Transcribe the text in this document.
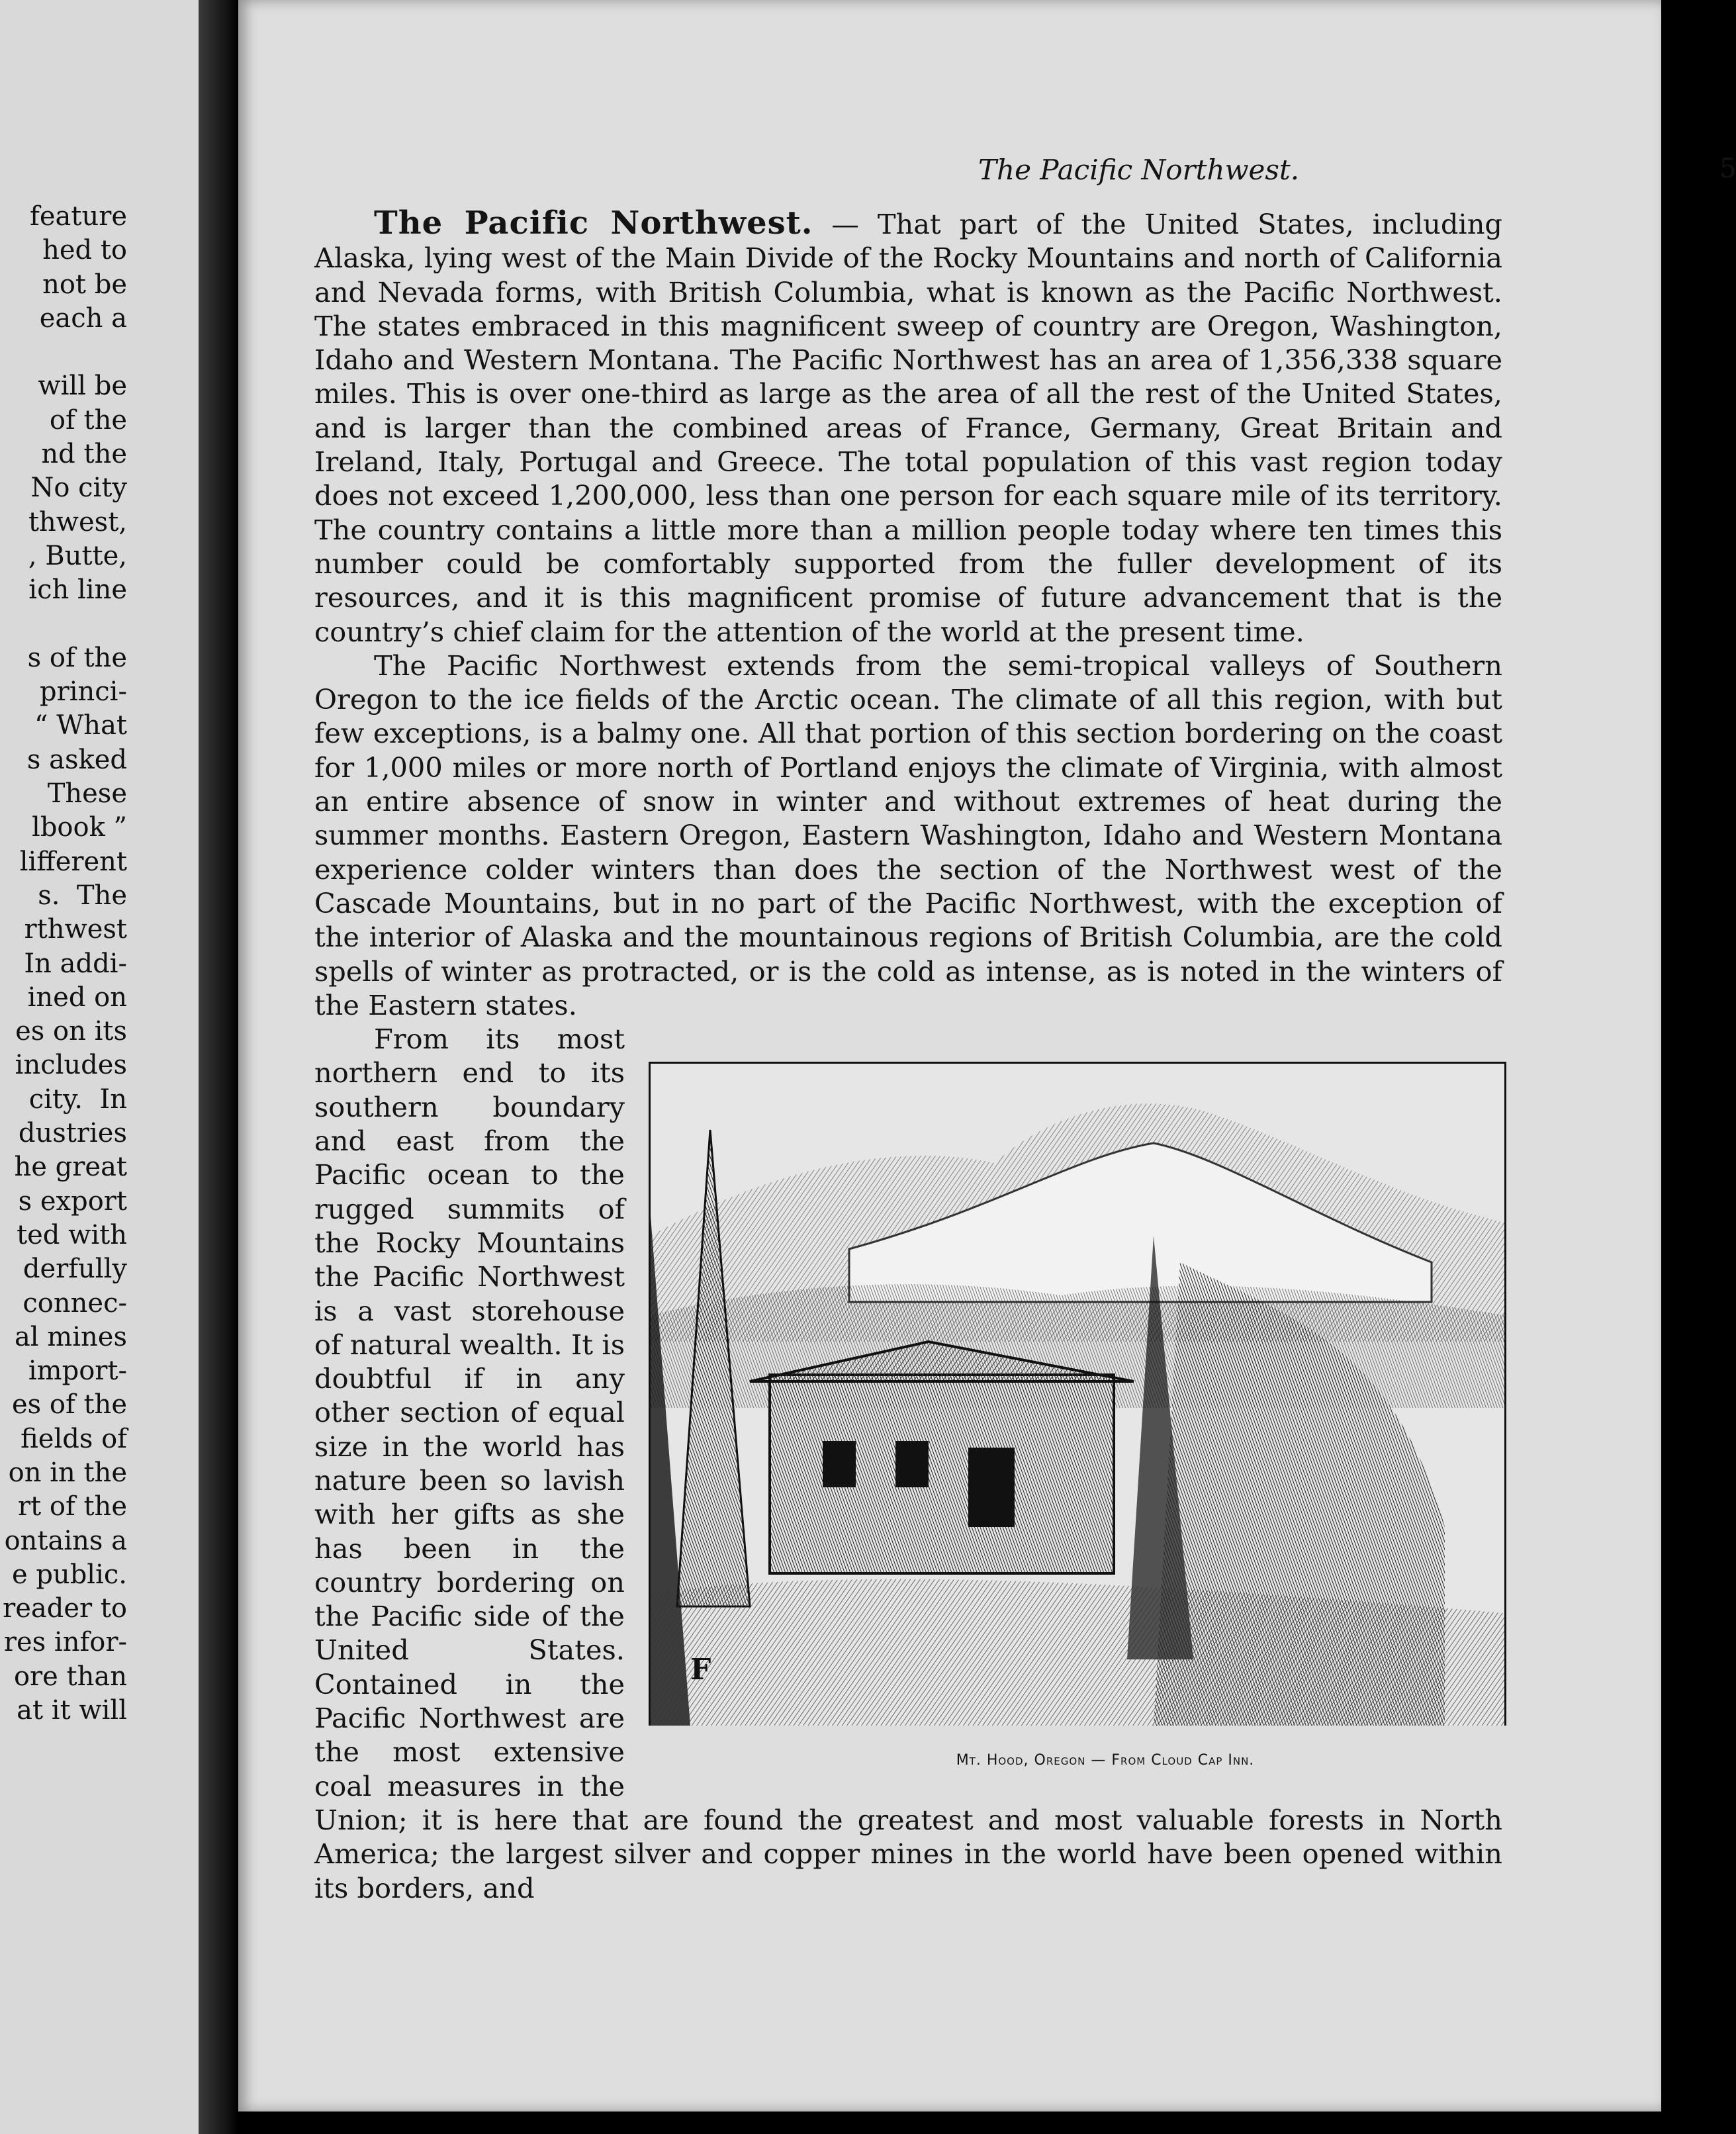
feature
hed to
not be
each a

will be
of the
nd the
No city
thwest,
, Butte,
ich line

s of the
princi-
“ What
s asked
These
lbook ”
lifferent
s.  The
rthwest
In addi-
ined on
es on its
includes
city.  In
dustries
he great
s export
ted with
derfully
connec-
al mines
import-
es of the
fields of
on in the
rt of the
ontains a
e public.
reader to
res infor-
ore than
at it will
The Pacific Northwest.	5

The Pacific Northwest. — That part of the United States, including Alaska, lying west of the Main Divide of the Rocky Mountains and north of California and Nevada forms, with British Columbia, what is known as the Pacific Northwest. The states embraced in this magnificent sweep of country are Oregon, Washington, Idaho and Western Montana. The Pacific Northwest has an area of 1,356,338 square miles. This is over one-third as large as the area of all the rest of the United States, and is larger than the combined areas of France, Germany, Great Britain and Ireland, Italy, Portugal and Greece. The total population of this vast region today does not exceed 1,200,000, less than one person for each square mile of its territory. The country contains a little more than a million people today where ten times this number could be comfortably supported from the fuller development of its resources, and it is this magnificent promise of future advancement that is the country’s chief claim for the attention of the world at the present time.

The Pacific Northwest extends from the semi-tropical valleys of Southern Oregon to the ice fields of the Arctic ocean. The climate of all this region, with but few exceptions, is a balmy one. All that portion of this section bordering on the coast for 1,000 miles or more north of Portland enjoys the climate of Virginia, with almost an entire absence of snow in winter and without extremes of heat during the summer months. Eastern Oregon, Eastern Washington, Idaho and Western Montana experience colder winters than does the section of the Northwest west of the Cascade Mountains, but in no part of the Pacific Northwest, with the exception of the interior of Alaska and the mountainous regions of British Columbia, are the cold spells of winter as protracted, or is the cold as intense, as is noted in the winters of the Eastern states.

F
Mt. Hood, Oregon — From Cloud Cap Inn.
From its most northern end to its southern boundary and east from the Pacific ocean to the rugged summits of the Rocky Mountains the Pacific Northwest is a vast storehouse of natural wealth. It is doubtful if in any other section of equal size in the world has nature been so lavish with her gifts as she has been in the country bordering on the Pacific side of the United States. Contained in the Pacific Northwest are the most extensive coal measures in the Union; it is here that are found the greatest and most valuable forests in North America; the largest silver and copper mines in the world have been opened within its borders, and
